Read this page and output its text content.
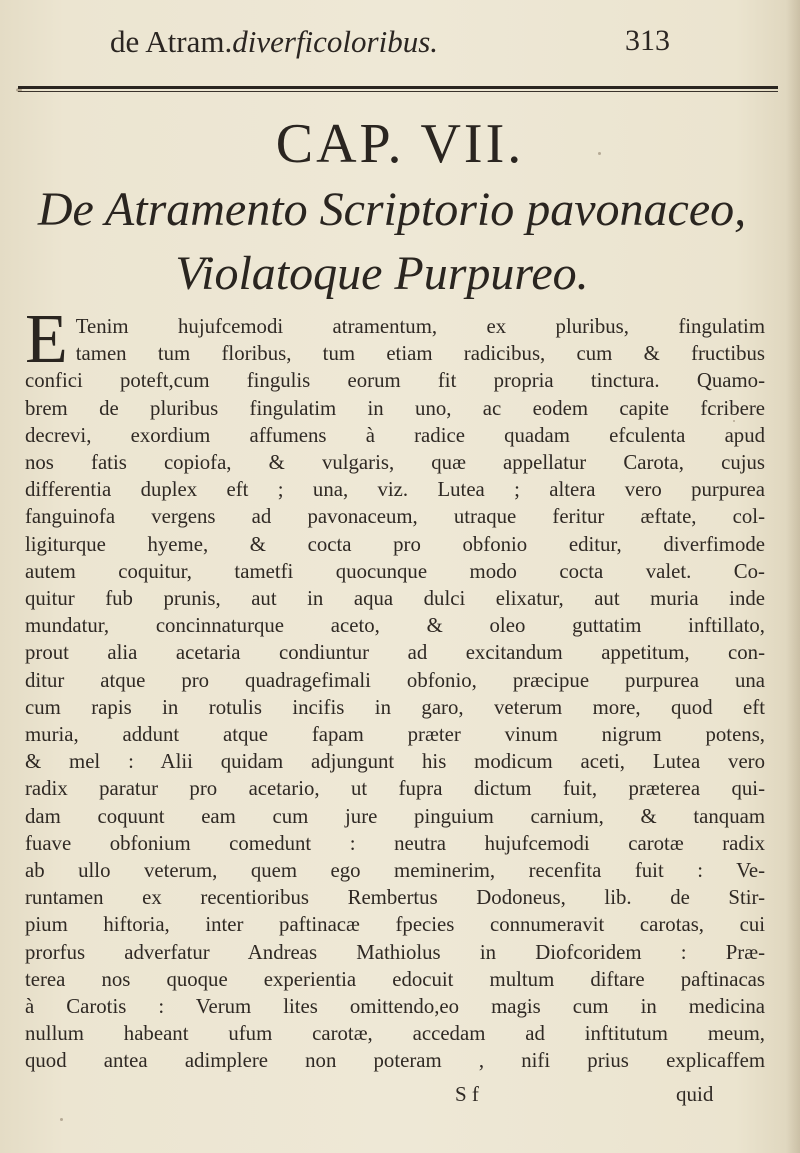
de Atram.diverficoloribus.	313
CAP. VII.
De Atramento Scriptorio pavonaceo,
Violatoque Purpureo.
E Tenim hujufcemodi atramentum, ex pluribus, fingulatim
tamen tum floribus, tum etiam radicibus, cum & fructibus
confici poteft,cum fingulis eorum fit propria tinctura. Quamo-
brem de pluribus fingulatim in uno, ac eodem capite fcribere
decrevi, exordium affumens à radice quadam efculenta apud
nos fatis copiofa, & vulgaris, quæ appellatur Carota, cujus
differentia duplex eft ; una, viz. Lutea ; altera vero purpurea
fanguinofa vergens ad pavonaceum, utraque feritur æftate, col-
ligiturque hyeme, & cocta pro obfonio editur, diverfimode
autem coquitur, tametfi quocunque modo cocta valet. Co-
quitur fub prunis, aut in aqua dulci elixatur, aut muria inde
mundatur, concinnaturque aceto, & oleo guttatim inftillato,
prout alia acetaria condiuntur ad excitandum appetitum, con-
ditur atque pro quadragefimali obfonio, præcipue purpurea una
cum rapis in rotulis incifis in garo, veterum more, quod eft
muria, addunt atque fapam præter vinum nigrum potens,
& mel : Alii quidam adjungunt his modicum aceti, Lutea vero
radix paratur pro acetario, ut fupra dictum fuit, præterea qui-
dam coquunt eam cum jure pinguium carnium, & tanquam
fuave obfonium comedunt : neutra hujufcemodi carotæ radix
ab ullo veterum, quem ego meminerim, recenfita fuit : Ve-
runtamen ex recentioribus Rembertus Dodoneus, lib. de Stir-
pium hiftoria, inter paftinacæ fpecies connumeravit carotas, cui
prorfus adverfatur Andreas Mathiolus in Diofcoridem : Præ-
terea nos quoque experientia edocuit multum diftare paftinacas
à Carotis : Verum lites omittendo,eo magis cum in medicina
nullum habeant ufum carotæ, accedam ad inftitutum meum,
quod antea adimplere non poteram , nifi prius explicaffem
S f	quid
